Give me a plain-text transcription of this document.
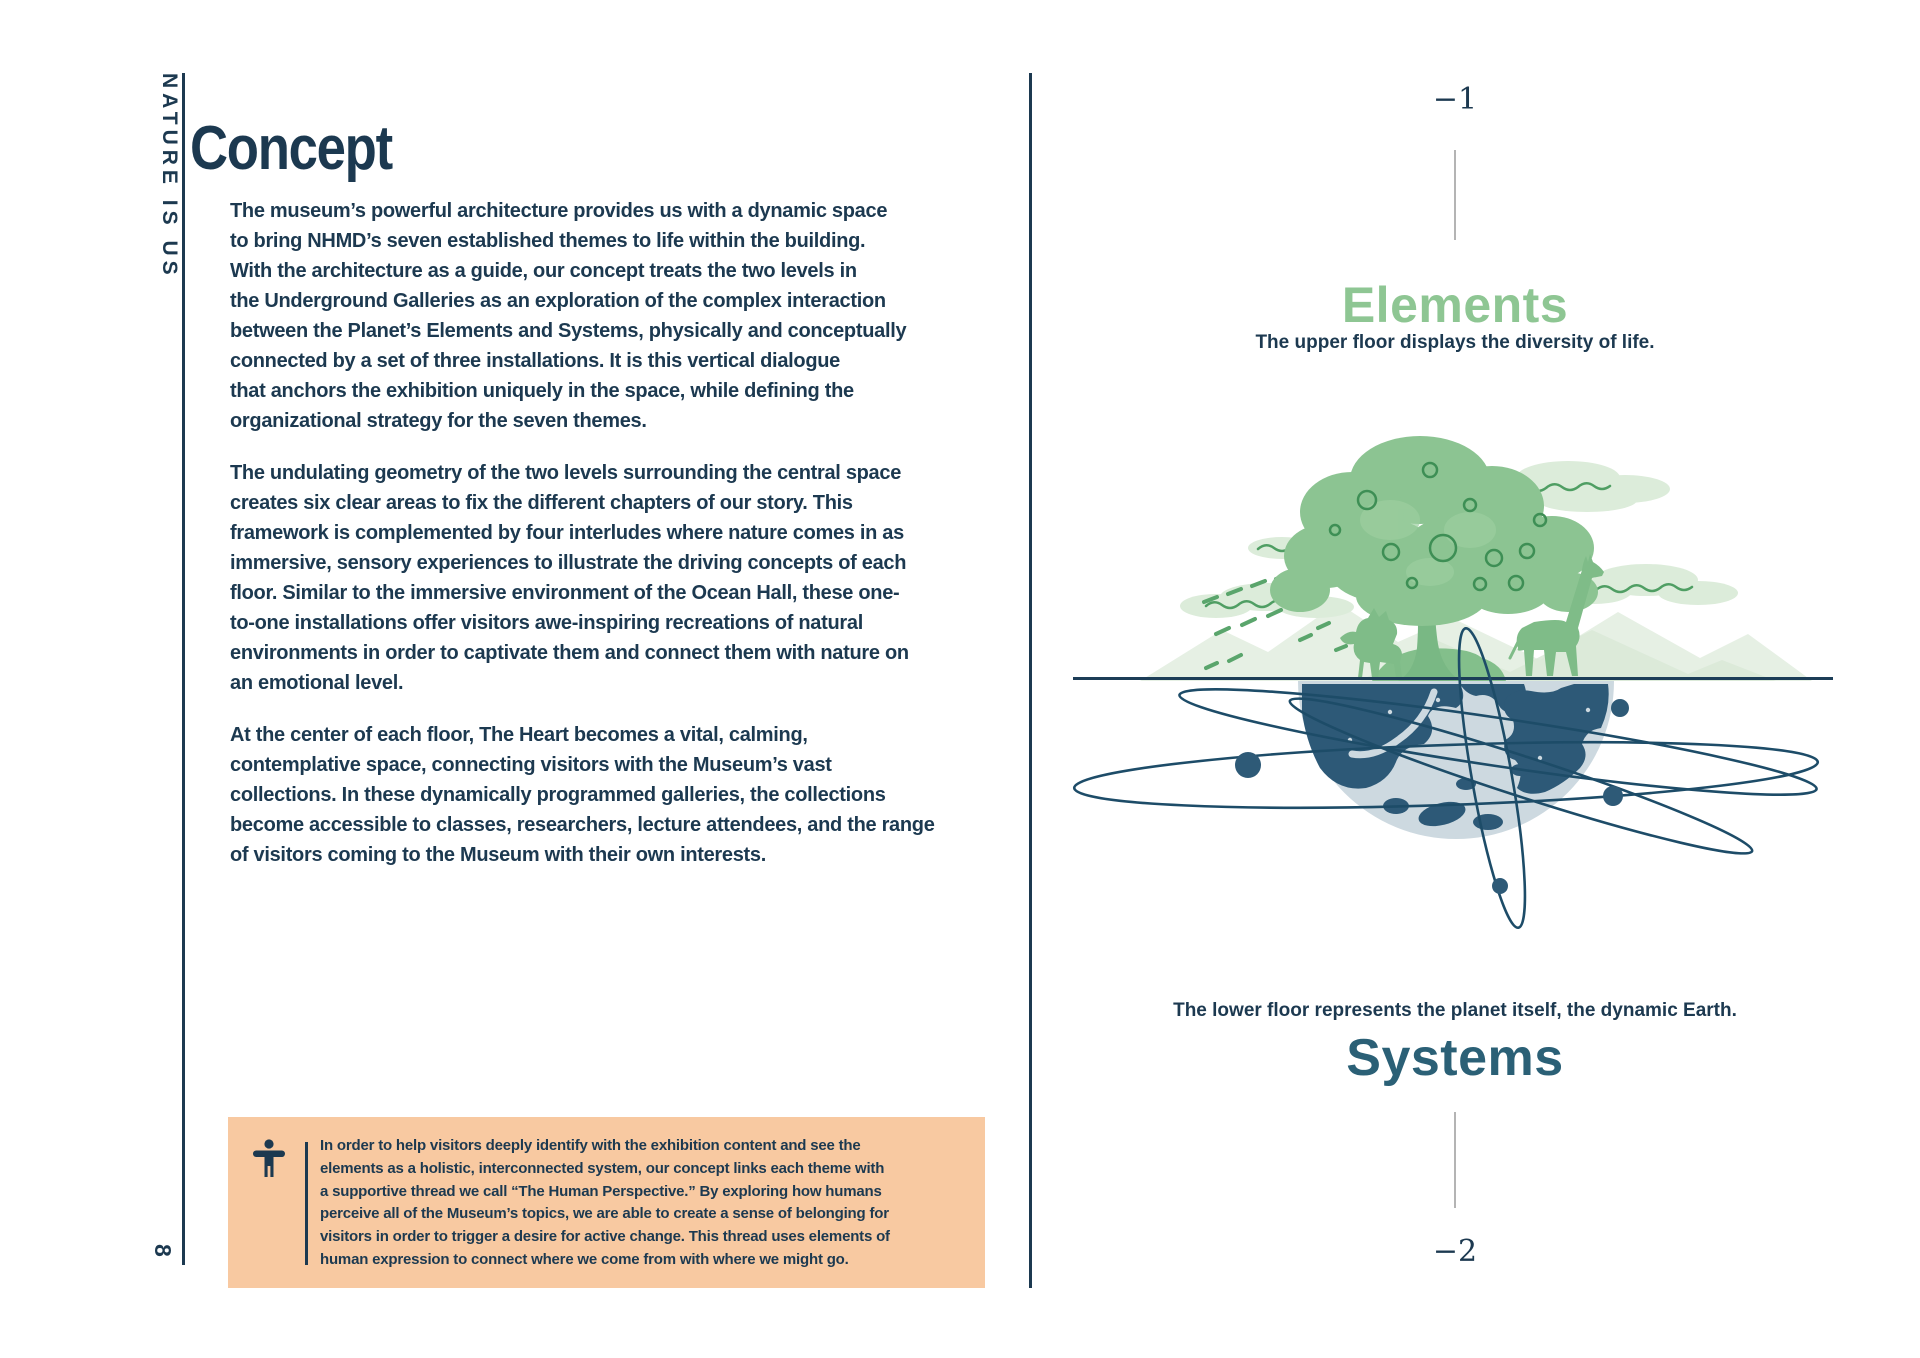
NATURE IS US
8
Concept
The museum’s powerful architecture provides us with a dynamic space
to bring NHMD’s seven established themes to life within the building.
With the architecture as a guide, our concept treats the two levels in
the Underground Galleries as an exploration of the complex interaction
between the Planet’s Elements and Systems, physically and conceptually
connected by a set of three installations. It is this vertical dialogue
that anchors the exhibition uniquely in the space, while defining the
organizational strategy for the seven themes.
The undulating geometry of the two levels surrounding the central space
creates six clear areas to fix the different chapters of our story. This
framework is complemented by four interludes where nature comes in as
immersive, sensory experiences to illustrate the driving concepts of each
floor. Similar to the immersive environment of the Ocean Hall, these one-
to-one installations offer visitors awe-inspiring recreations of natural
environments in order to captivate them and connect them with nature on
an emotional level.
At the center of each floor, The Heart becomes a vital, calming,
contemplative space, connecting visitors with the Museum’s vast
collections. In these dynamically programmed galleries, the collections
become accessible to classes, researchers, lecture attendees, and the range
of visitors coming to the Museum with their own interests.
In order to help visitors deeply identify with the exhibition content and see the
elements as a holistic, interconnected system, our concept links each theme with
a supportive thread we call “The Human Perspective.” By exploring how humans
perceive all of the Museum’s topics, we are able to create a sense of belonging for
visitors in order to trigger a desire for active change. This thread uses elements of
human expression to connect where we come from with where we might go.
−1
Elements
The upper floor displays the diversity of life.
The lower floor represents the planet itself, the dynamic Earth.
Systems
−2
